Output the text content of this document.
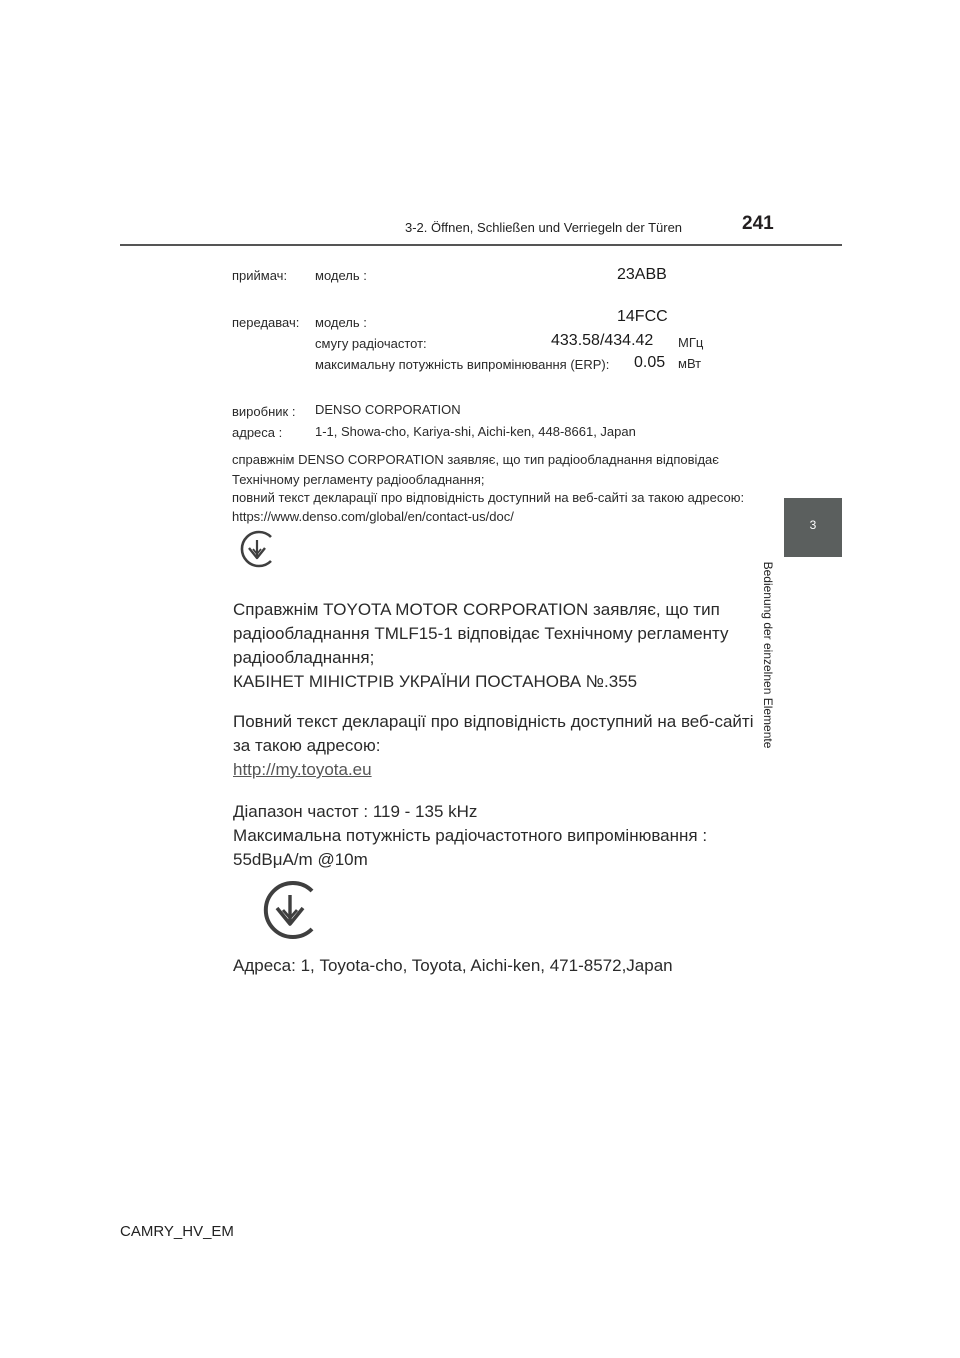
3-2. Öffnen, Schließen und Verriegeln der Türen	241
3
Bedienung der einzelnen Elemente
приймач: модель :	23ABB
передавач: модель :	14FCC
смугу радіочастот:	433.58/434.42 МГц
максимальну потужність випромінювання (ERP): 0.05 мВт
виробник : DENSO CORPORATION
адреса :	1-1, Showa-cho, Kariya-shi, Aichi-ken, 448-8661, Japan
справжнім DENSO CORPORATION заявляє, що тип радіообладнання відповідає
Технічному регламенту радіообладнання;
повний текст декларації про відповідність доступний на веб-сайті за такою адресою:
https://www.denso.com/global/en/contact-us/doc/
Справжнім TOYOTA MOTOR CORPORATION заявляє, що тип
радіообладнання TMLF15-1 відповідає Технічному регламенту
радіообладнання;
КАБІНЕТ МІНІСТРІВ УКРАЇНИ ПОСТАНОВА №.355
Повний текст декларації про відповідність доступний на веб-сайті
за такою адресою:
http://my.toyota.eu
Діапазон частот : 119 - 135 kHz
Максимальна потужність радіочастотного випромінювання :
55dBμA/m @10m
Адреса: 1, Toyota-cho, Toyota, Aichi-ken, 471-8572,Japan
CAMRY_HV_EM
